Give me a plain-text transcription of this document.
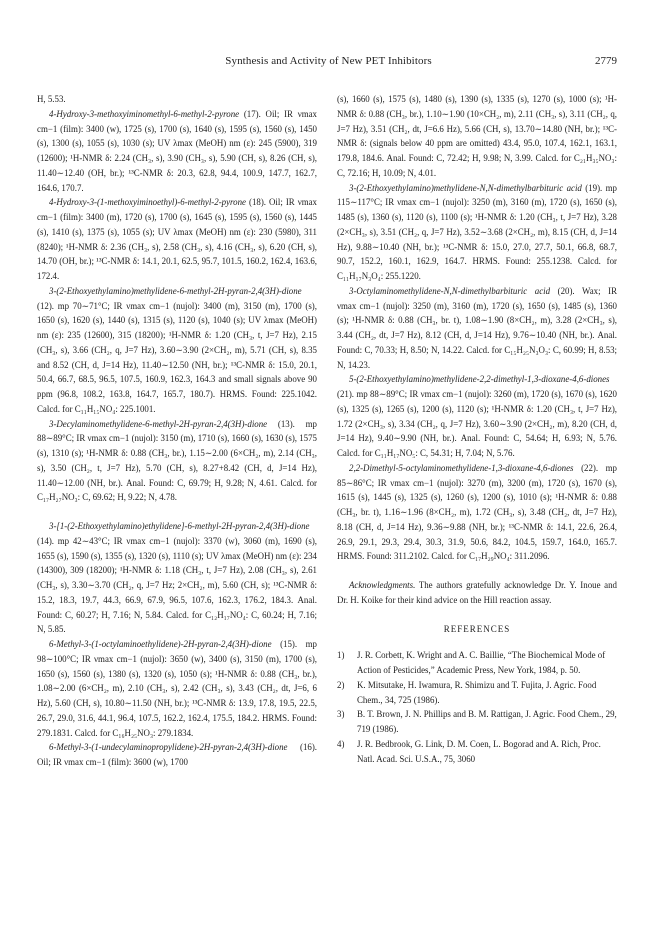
Synthesis and Activity of New PET Inhibitors	2779

H, 5.53.

4-Hydroxy-3-methoxyiminomethyl-6-methyl-2-pyrone (17). Oil; IR νmax cm−1 (film): 3400 (w), 1725 (s), 1700 (s), 1640 (s), 1595 (s), 1560 (s), 1450 (s), 1300 (s), 1055 (s), 1030 (s); UV λmax (MeOH) nm (ε): 245 (5900), 319 (12600); ¹H-NMR δ: 2.24 (CH₃, s), 3.90 (CH₃, s), 5.90 (CH, s), 8.26 (CH, s), 11.40∼12.40 (OH, br.); ¹³C-NMR δ: 20.3, 62.8, 94.4, 100.9, 147.7, 162.7, 164.6, 170.7.

4-Hydroxy-3-(1-methoxyiminoethyl)-6-methyl-2-pyrone (18). Oil; IR νmax cm−1 (film): 3400 (m), 1720 (s), 1700 (s), 1645 (s), 1595 (s), 1560 (s), 1445 (s), 1410 (s), 1375 (s), 1055 (s); UV λmax (MeOH) nm (ε): 230 (5980), 311 (8240); ¹H-NMR δ: 2.36 (CH₃, s), 2.58 (CH₃, s), 4.16 (CH₃, s), 6.20 (CH, s), 14.70 (OH, br.); ¹³C-NMR δ: 14.1, 20.1, 62.5, 95.7, 101.5, 160.2, 162.4, 163.6, 172.4.

3-(2-Ethoxyethylamino)methylidene-6-methyl-2H-pyran-2,4(3H)-dione (12). mp 70∼71°C; IR νmax cm−1 (nujol): 3400 (m), 3150 (m), 1700 (s), 1650 (s), 1620 (s), 1440 (s), 1315 (s), 1120 (s), 1040 (s); UV λmax (MeOH) nm (ε): 235 (12600), 315 (18200); ¹H-NMR δ: 1.20 (CH₃, t, J=7 Hz), 2.15 (CH₃, s), 3.66 (CH₂, q, J=7 Hz), 3.60∼3.90 (2×CH₂, m), 5.71 (CH, s), 8.35 and 8.52 (CH, d, J=14 Hz), 11.40∼12.50 (NH, br.); ¹³C-NMR δ: 15.0, 20.1, 50.4, 66.7, 68.5, 96.5, 107.5, 160.9, 162.3, 164.3 and small signals above 90 ppm (96.8, 108.2, 163.8, 164.7, 165.7, 180.7). HRMS. Found: 225.1042. Calcd. for C₁₁H₁₅NO₄: 225.1001.

3-Decylaminomethylidene-6-methyl-2H-pyran-2,4(3H)-dione (13). mp 88∼89°C; IR νmax cm−1 (nujol): 3150 (m), 1710 (s), 1660 (s), 1630 (s), 1575 (s), 1310 (s); ¹H-NMR δ: 0.88 (CH₃, br.), 1.15∼2.00 (6×CH₂, m), 2.14 (CH₃, s), 3.50 (CH₂, t, J=7 Hz), 5.70 (CH, s), 8.27+8.42 (CH, d, J=14 Hz), 11.40∼12.00 (NH, br.). Anal. Found: C, 69.79; H, 9.28; N, 4.61. Calcd. for C₁₇H₂₇NO₃: C, 69.62; H, 9.22; N, 4.78.

3-[1-(2-Ethoxyethylamino)ethylidene]-6-methyl-2H-pyran-2,4(3H)-dione (14). mp 42∼43°C; IR νmax cm−1 (nujol): 3370 (w), 3060 (m), 1690 (s), 1655 (s), 1590 (s), 1355 (s), 1320 (s), 1110 (s); UV λmax (MeOH) nm (ε): 234 (14300), 309 (18200); ¹H-NMR δ: 1.18 (CH₃, t, J=7 Hz), 2.08 (CH₃, s), 2.61 (CH₃, s), 3.30∼3.70 (CH₂, q, J=7 Hz; 2×CH₂, m), 5.60 (CH, s); ¹³C-NMR δ: 15.2, 18.3, 19.7, 44.3, 66.9, 67.9, 96.5, 107.6, 162.3, 176.2, 184.3. Anal. Found: C, 60.27; H, 7.16; N, 5.84. Calcd. for C₁₂H₁₇NO₄: C, 60.24; H, 7.16; N, 5.85.

6-Methyl-3-(1-octylaminoethylidene)-2H-pyran-2,4(3H)-dione (15). mp 98∼100°C; IR νmax cm−1 (nujol): 3650 (w), 3400 (s), 3150 (m), 1700 (s), 1650 (s), 1560 (s), 1380 (s), 1320 (s), 1050 (s); ¹H-NMR δ: 0.88 (CH₃, br.), 1.08∼2.00 (6×CH₂, m), 2.10 (CH₃, s), 2.42 (CH₃, s), 3.43 (CH₂, dt, J=6, 6 Hz), 5.60 (CH, s), 10.80∼11.50 (NH, br.); ¹³C-NMR δ: 13.9, 17.8, 19.5, 22.5, 26.7, 29.0, 31.6, 44.1, 96.4, 107.5, 162.2, 162.4, 175.5, 184.2. HRMS. Found: 279.1831. Calcd. for C₁₆H₂₅NO₃: 279.1834.

6-Methyl-3-(1-undecylaminopropylidene)-2H-pyran-2,4(3H)-dione (16). Oil; IR νmax cm−1 (film): 3600 (w), 1700

(s), 1660 (s), 1575 (s), 1480 (s), 1390 (s), 1335 (s), 1270 (s), 1000 (s); ¹H-NMR δ: 0.88 (CH₃, br.), 1.10∼1.90 (10×CH₂, m), 2.11 (CH₃, s), 3.11 (CH₂, q, J=7 Hz), 3.51 (CH₂, dt, J=6.6 Hz), 5.66 (CH, s), 13.70∼14.80 (NH, br.); ¹³C-NMR δ: (signals below 40 ppm are omitted) 43.4, 95.0, 107.4, 162.1, 163.1, 179.8, 184.6. Anal. Found: C, 72.42; H, 9.98; N, 3.99. Calcd. for C₂₁H₃₅NO₃: C, 72.16; H, 10.09; N, 4.01.

3-(2-Ethoxyethylamino)methylidene-N,N-dimethylbarbituric acid (19). mp 115∼117°C; IR νmax cm−1 (nujol): 3250 (m), 3160 (m), 1720 (s), 1650 (s), 1485 (s), 1360 (s), 1120 (s), 1100 (s); ¹H-NMR δ: 1.20 (CH₃, t, J=7 Hz), 3.28 (2×CH₃, s), 3.51 (CH₂, q, J=7 Hz), 3.52∼3.68 (2×CH₂, m), 8.15 (CH, d, J=14 Hz), 9.88∼10.40 (NH, br.); ¹³C-NMR δ: 15.0, 27.0, 27.7, 50.1, 66.8, 68.7, 90.7, 152.2, 160.1, 162.9, 164.7. HRMS. Found: 255.1238. Calcd. for C₁₁H₁₇N₃O₄: 255.1220.

3-Octylaminomethylidene-N,N-dimethylbarbituric acid (20). Wax; IR νmax cm−1 (nujol): 3250 (m), 3160 (m), 1720 (s), 1650 (s), 1485 (s), 1360 (s); ¹H-NMR δ: 0.88 (CH₃, br. t), 1.08∼1.90 (8×CH₂, m), 3.28 (2×CH₃, s), 3.44 (CH₂, dt, J=7 Hz), 8.12 (CH, d, J=14 Hz), 9.76∼10.40 (NH, br.). Anal. Found: C, 70.33; H, 8.50; N, 14.22. Calcd. for C₁₅H₂₅N₃O₃: C, 60.99; H, 8.53; N, 14.23.

5-(2-Ethoxyethylamino)methylidene-2,2-dimethyl-1,3-dioxane-4,6-diones (21). mp 88∼89°C; IR νmax cm−1 (nujol): 3260 (m), 1720 (s), 1670 (s), 1620 (s), 1325 (s), 1265 (s), 1200 (s), 1120 (s); ¹H-NMR δ: 1.20 (CH₃, t, J=7 Hz), 1.72 (2×CH₃, s), 3.34 (CH₂, q, J=7 Hz), 3.60∼3.90 (2×CH₂, m), 8.20 (CH, d, J=14 Hz), 9.40∼9.90 (NH, br.). Anal. Found: C, 54.64; H, 6.93; N, 5.76. Calcd. for C₁₁H₁₇NO₅: C, 54.31; H, 7.04; N, 5.76.

2,2-Dimethyl-5-octylaminomethylidene-1,3-dioxane-4,6-diones (22). mp 85∼86°C; IR νmax cm−1 (nujol): 3270 (m), 3200 (m), 1720 (s), 1670 (s), 1615 (s), 1445 (s), 1325 (s), 1260 (s), 1200 (s), 1010 (s); ¹H-NMR δ: 0.88 (CH₃, br. t), 1.16∼1.96 (8×CH₂, m), 1.72 (CH₃, s), 3.48 (CH₂, dt, J=7 Hz), 8.18 (CH, d, J=14 Hz), 9.36∼9.88 (NH, br.); ¹³C-NMR δ: 14.1, 22.6, 26.4, 26.9, 29.1, 29.3, 29.4, 30.3, 31.9, 50.6, 84.2, 104.5, 159.7, 164.0, 165.7. HRMS. Found: 311.2102. Calcd. for C₁₇H₂₉NO₄: 311.2096.

Acknowledgments. The authors gratefully acknowledge Dr. Y. Inoue and Dr. H. Koike for their kind advice on the Hill reaction assay.

REFERENCES
1) J. R. Corbett, K. Wright and A. C. Baillie, “The Biochemical Mode of Action of Pesticides,” Academic Press, New York, 1984, p. 50.
2) K. Mitsutake, H. Iwamura, R. Shimizu and T. Fujita, J. Agric. Food Chem., 34, 725 (1986).
3) B. T. Brown, J. N. Phillips and B. M. Rattigan, J. Agric. Food Chem., 29, 719 (1986).
4) J. R. Bedbrook, G. Link, D. M. Coen, L. Bogorad and A. Rich, Proc. Natl. Acad. Sci. U.S.A., 75, 3060
